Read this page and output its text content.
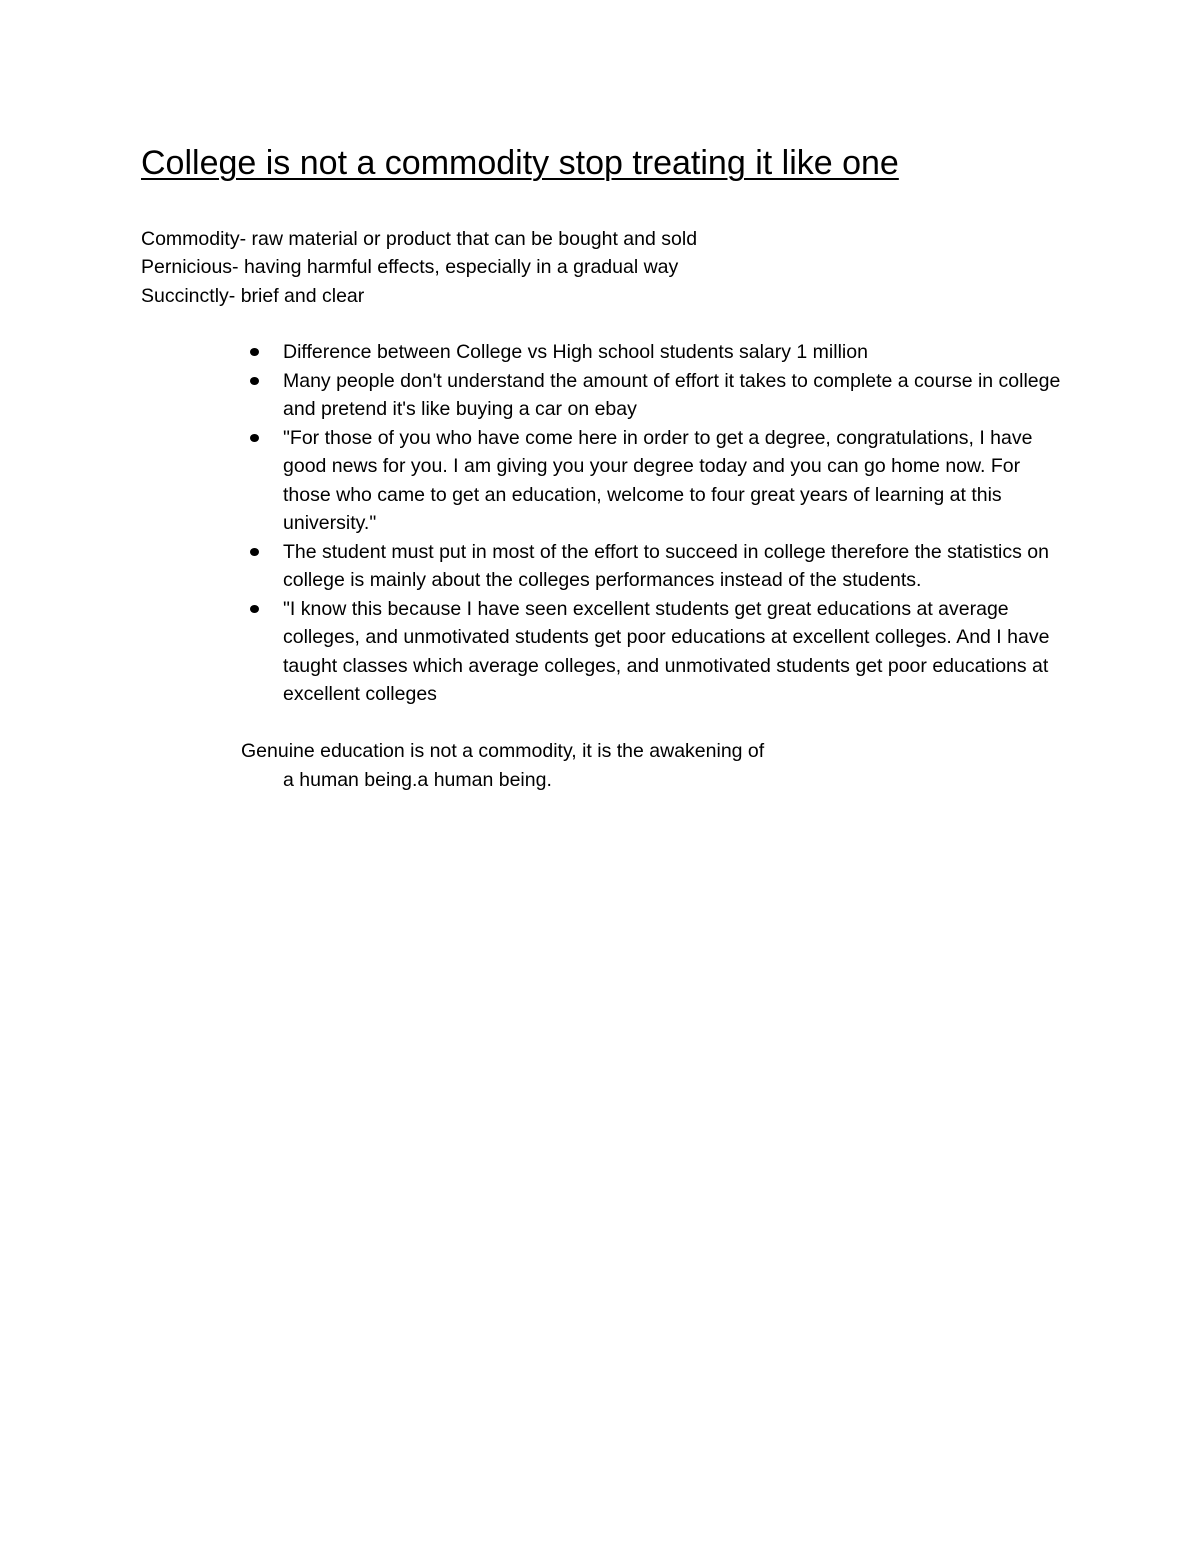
College is not a commodity stop treating it like one
Commodity- raw material or product that can be bought and sold
Pernicious- having harmful effects, especially in a gradual way
Succinctly- brief and clear
Difference between College vs High school students salary 1 million
Many people don't understand the amount of effort it takes to complete a course in college and pretend it's like buying a car on ebay
"For those of you who have come here in order to get a degree, congratulations, I have good news for you. I am giving you your degree today and you can go home now. For those who came to get an education, welcome to four great years of learning at this university."
The student must put in most of the effort to succeed in college therefore the statistics on college is mainly about the colleges performances instead of the students.
"I know this because I have seen excellent students get great educations at average colleges, and unmotivated students get poor educations at excellent colleges. And I have taught classes which average colleges, and unmotivated students get poor educations at excellent colleges
Genuine education is not a commodity, it is the awakening of
a human being.a human being.
